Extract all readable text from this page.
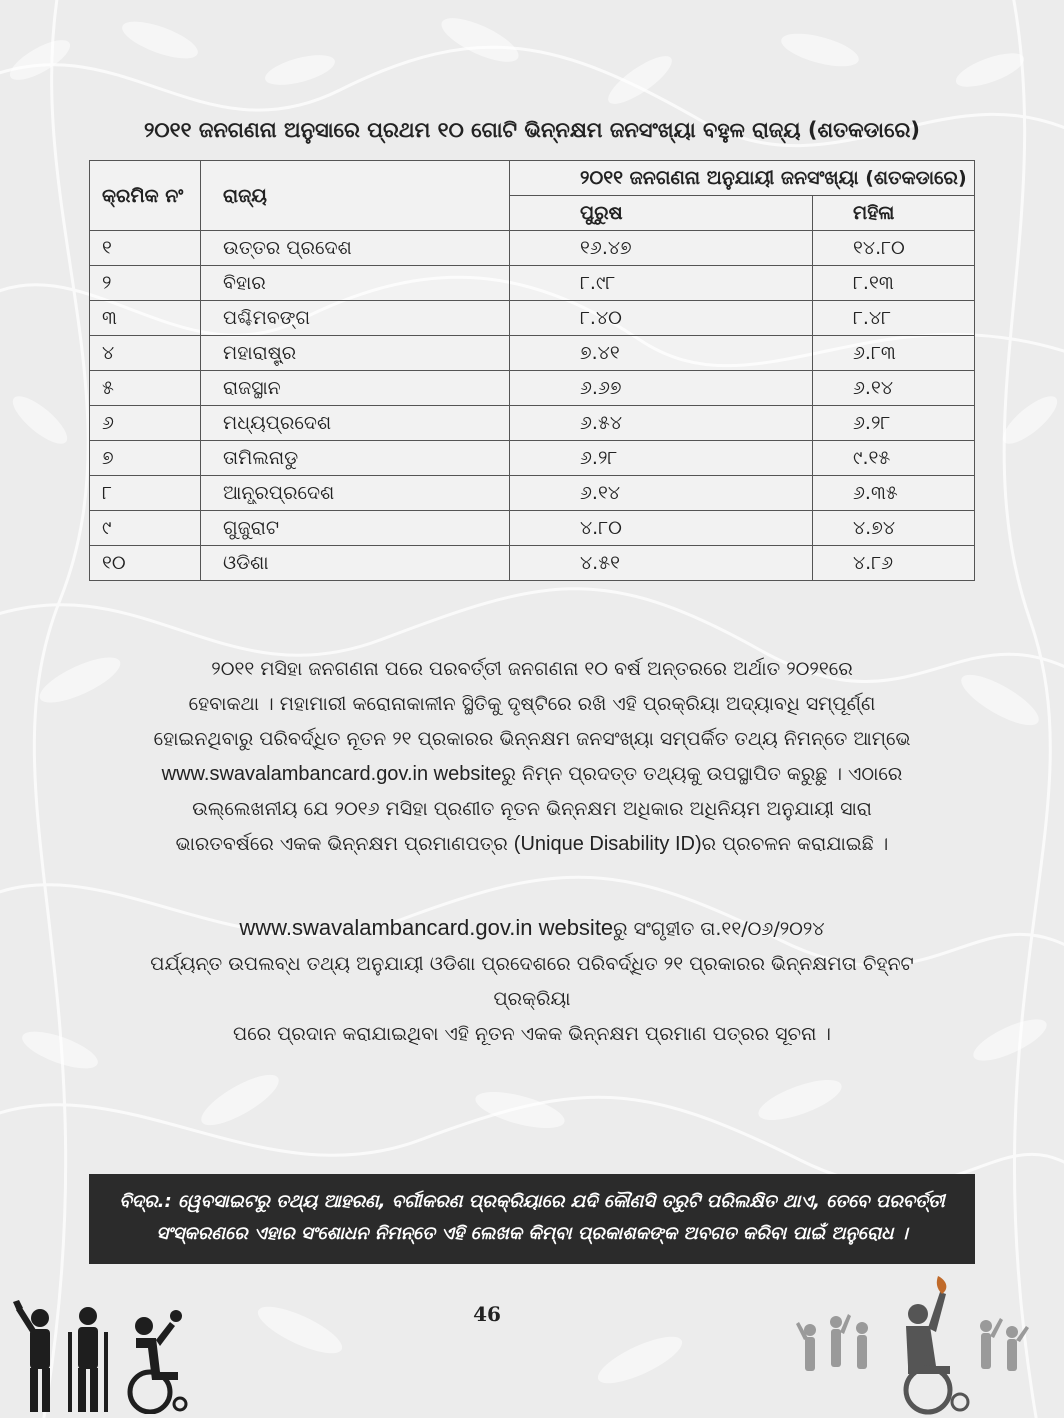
୨୦୧୧ ଜନଗଣନା ଅନୁସାରେ ପ୍ରଥମ ୧୦ ଗୋଟି ଭିନ୍ନକ୍ଷମ ଜନସଂଖ୍ୟା ବହୁଳ ରାଜ୍ୟ (ଶତକଡାରେ)
କ୍ରମିକ ନଂ	ରାଜ୍ୟ	୨୦୧୧ ଜନଗଣନା ଅନୁଯାୟୀ ଜନସଂଖ୍ୟା (ଶତକଡାରେ)	
		ପୁରୁଷ	ମହିଳା
୧	ଉତ୍ତର ପ୍ରଦେଶ	୧୬.୪୭	୧୪.୮୦
୨	ବିହାର	୮.୯୮	୮.୧୩
୩	ପଶ୍ଚିମବଙ୍ଗ	୮.୪୦	୮.୪୮
୪	ମହାରାଷ୍ଟ୍ର	୭.୪୧	୬.୮୩
୫	ରାଜସ୍ଥାନ	୬.୬୭	୬.୧୪
୬	ମଧ୍ୟପ୍ରଦେଶ	୬.୫୪	୬.୨୮
୭	ତାମିଲନାଡୁ	୬.୨୮	୯.୧୫
୮	ଆନ୍ଧ୍ରପ୍ରଦେଶ	୬.୧୪	୬.୩୫
୯	ଗୁଜୁରାଟ	୪.୮୦	୪.୭୪
୧୦	ଓଡିଶା	୪.୫୧	୪.୮୬
୨୦୧୧ ମସିହା ଜନଗଣନା ପରେ ପରବର୍ତ୍ତୀ ଜନଗଣନା ୧୦ ବର୍ଷ ଅନ୍ତରରେ ଅର୍ଥାତ ୨୦୨୧ରେ
ହେବାକଥା । ମହାମାରୀ କରୋନାକାଳୀନ ସ୍ଥିତିକୁ ଦୃଷ୍ଟିରେ ରଖି ଏହି ପ୍ରକ୍ରିୟା ଅଦ୍ୟାବଧି ସମ୍ପୂର୍ଣ୍ଣ
ହୋଇନଥିବାରୁ ପରିବର୍ଦ୍ଧିତ ନୂତନ ୨୧ ପ୍ରକାରର ଭିନ୍ନକ୍ଷମ ଜନସଂଖ୍ୟା ସମ୍ପର୍କିତ ତଥ୍ୟ ନିମନ୍ତେ ଆମ୍ଭେ
www.swavalambancard.gov.in websiteରୁ ନିମ୍ନ ପ୍ରଦତ୍ତ ତଥ୍ୟକୁ ଉପସ୍ଥାପିତ କରୁଛୁ । ଏଠାରେ
ଉଲ୍ଲେଖନୀୟ ଯେ ୨୦୧୬ ମସିହା ପ୍ରଣୀତ ନୂତନ ଭିନ୍ନକ୍ଷମ ଅଧିକାର ଅଧିନିୟମ ଅନୁଯାୟୀ ସାରା
ଭାରତବର୍ଷରେ ଏକକ ଭିନ୍ନକ୍ଷମ ପ୍ରମାଣପତ୍ର (Unique Disability ID)ର ପ୍ରଚଳନ କରାଯାଇଛି ।
www.swavalambancard.gov.in websiteରୁ ସଂଗୃହୀତ ତା.୧୧/୦୬/୨୦୨୪
ପର୍ଯ୍ୟନ୍ତ ଉପଲବ୍ଧ ତଥ୍ୟ ଅନୁଯାୟୀ ଓଡିଶା ପ୍ରଦେଶରେ ପରିବର୍ଦ୍ଧିତ ୨୧ ପ୍ରକାରର ଭିନ୍ନକ୍ଷମତା ଚିହ୍ନଟ ପ୍ରକ୍ରିୟା
ପରେ ପ୍ରଦାନ କରାଯାଇଥିବା ଏହି ନୂତନ ଏକକ ଭିନ୍ନକ୍ଷମ ପ୍ରମାଣ ପତ୍ରର ସୂଚନା ।
ବିଦ୍ର.: ୱେବସାଇଟରୁ ତଥ୍ୟ ଆହରଣ, ବର୍ଗୀକରଣ ପ୍ରକ୍ରିୟାରେ ଯଦି କୌଣସି ତ୍ରୁଟି ପରିଲକ୍ଷିତ ଥାଏ, ତେବେ ପରବର୍ତ୍ତୀ
ସଂସ୍କରଣରେ ଏହାର ସଂଶୋଧନ ନିମନ୍ତେ ଏହି ଲେଖକ କିମ୍ବା ପ୍ରକାଶକଙ୍କ ଅବଗତ କରିବା ପାଇଁ ଅନୁରୋଧ ।
46
